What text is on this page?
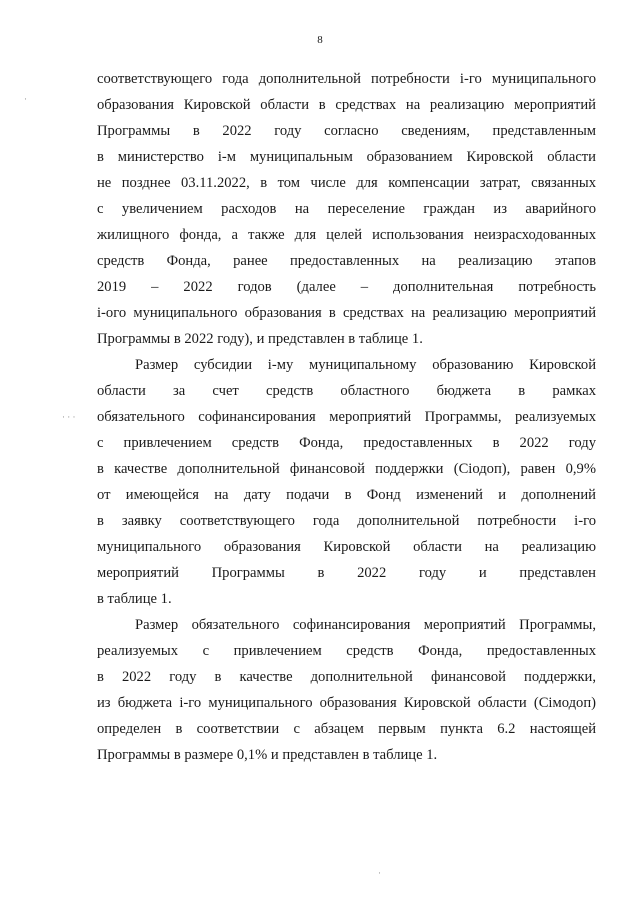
8
соответствующего года дополнительной потребности i-го муниципального
образования Кировской области в средствах на реализацию мероприятий
Программы в 2022 году согласно сведениям, представленным
в министерство i-м муниципальным образованием Кировской области
не позднее 03.11.2022, в том числе для компенсации затрат, связанных
с увеличением расходов на переселение граждан из аварийного
жилищного фонда, а также для целей использования неизрасходованных
средств Фонда, ранее предоставленных на реализацию этапов
2019 – 2022 годов (далее – дополнительная потребность
i-ого муниципального образования в средствах на реализацию мероприятий
Программы в 2022 году), и представлен в таблице 1.
Размер субсидии i-му муниципальному образованию Кировской
области за счет средств областного бюджета в рамках
обязательного софинансирования мероприятий Программы, реализуемых
с привлечением средств Фонда, предоставленных в 2022 году
в качестве дополнительной финансовой поддержки (Ciодоп), равен 0,9%
от имеющейся на дату подачи в Фонд изменений и дополнений
в заявку соответствующего года дополнительной потребности i-го
муниципального образования Кировской области на реализацию
мероприятий Программы в 2022 году и представлен
в таблице 1.
Размер обязательного софинансирования мероприятий Программы,
реализуемых с привлечением средств Фонда, предоставленных
в 2022 году в качестве дополнительной финансовой поддержки,
из бюджета i-го муниципального образования Кировской области (Ciмодоп)
определен в соответствии с абзацем первым пункта 6.2 настоящей
Программы в размере 0,1% и представлен в таблице 1.
·
· · ·
·
